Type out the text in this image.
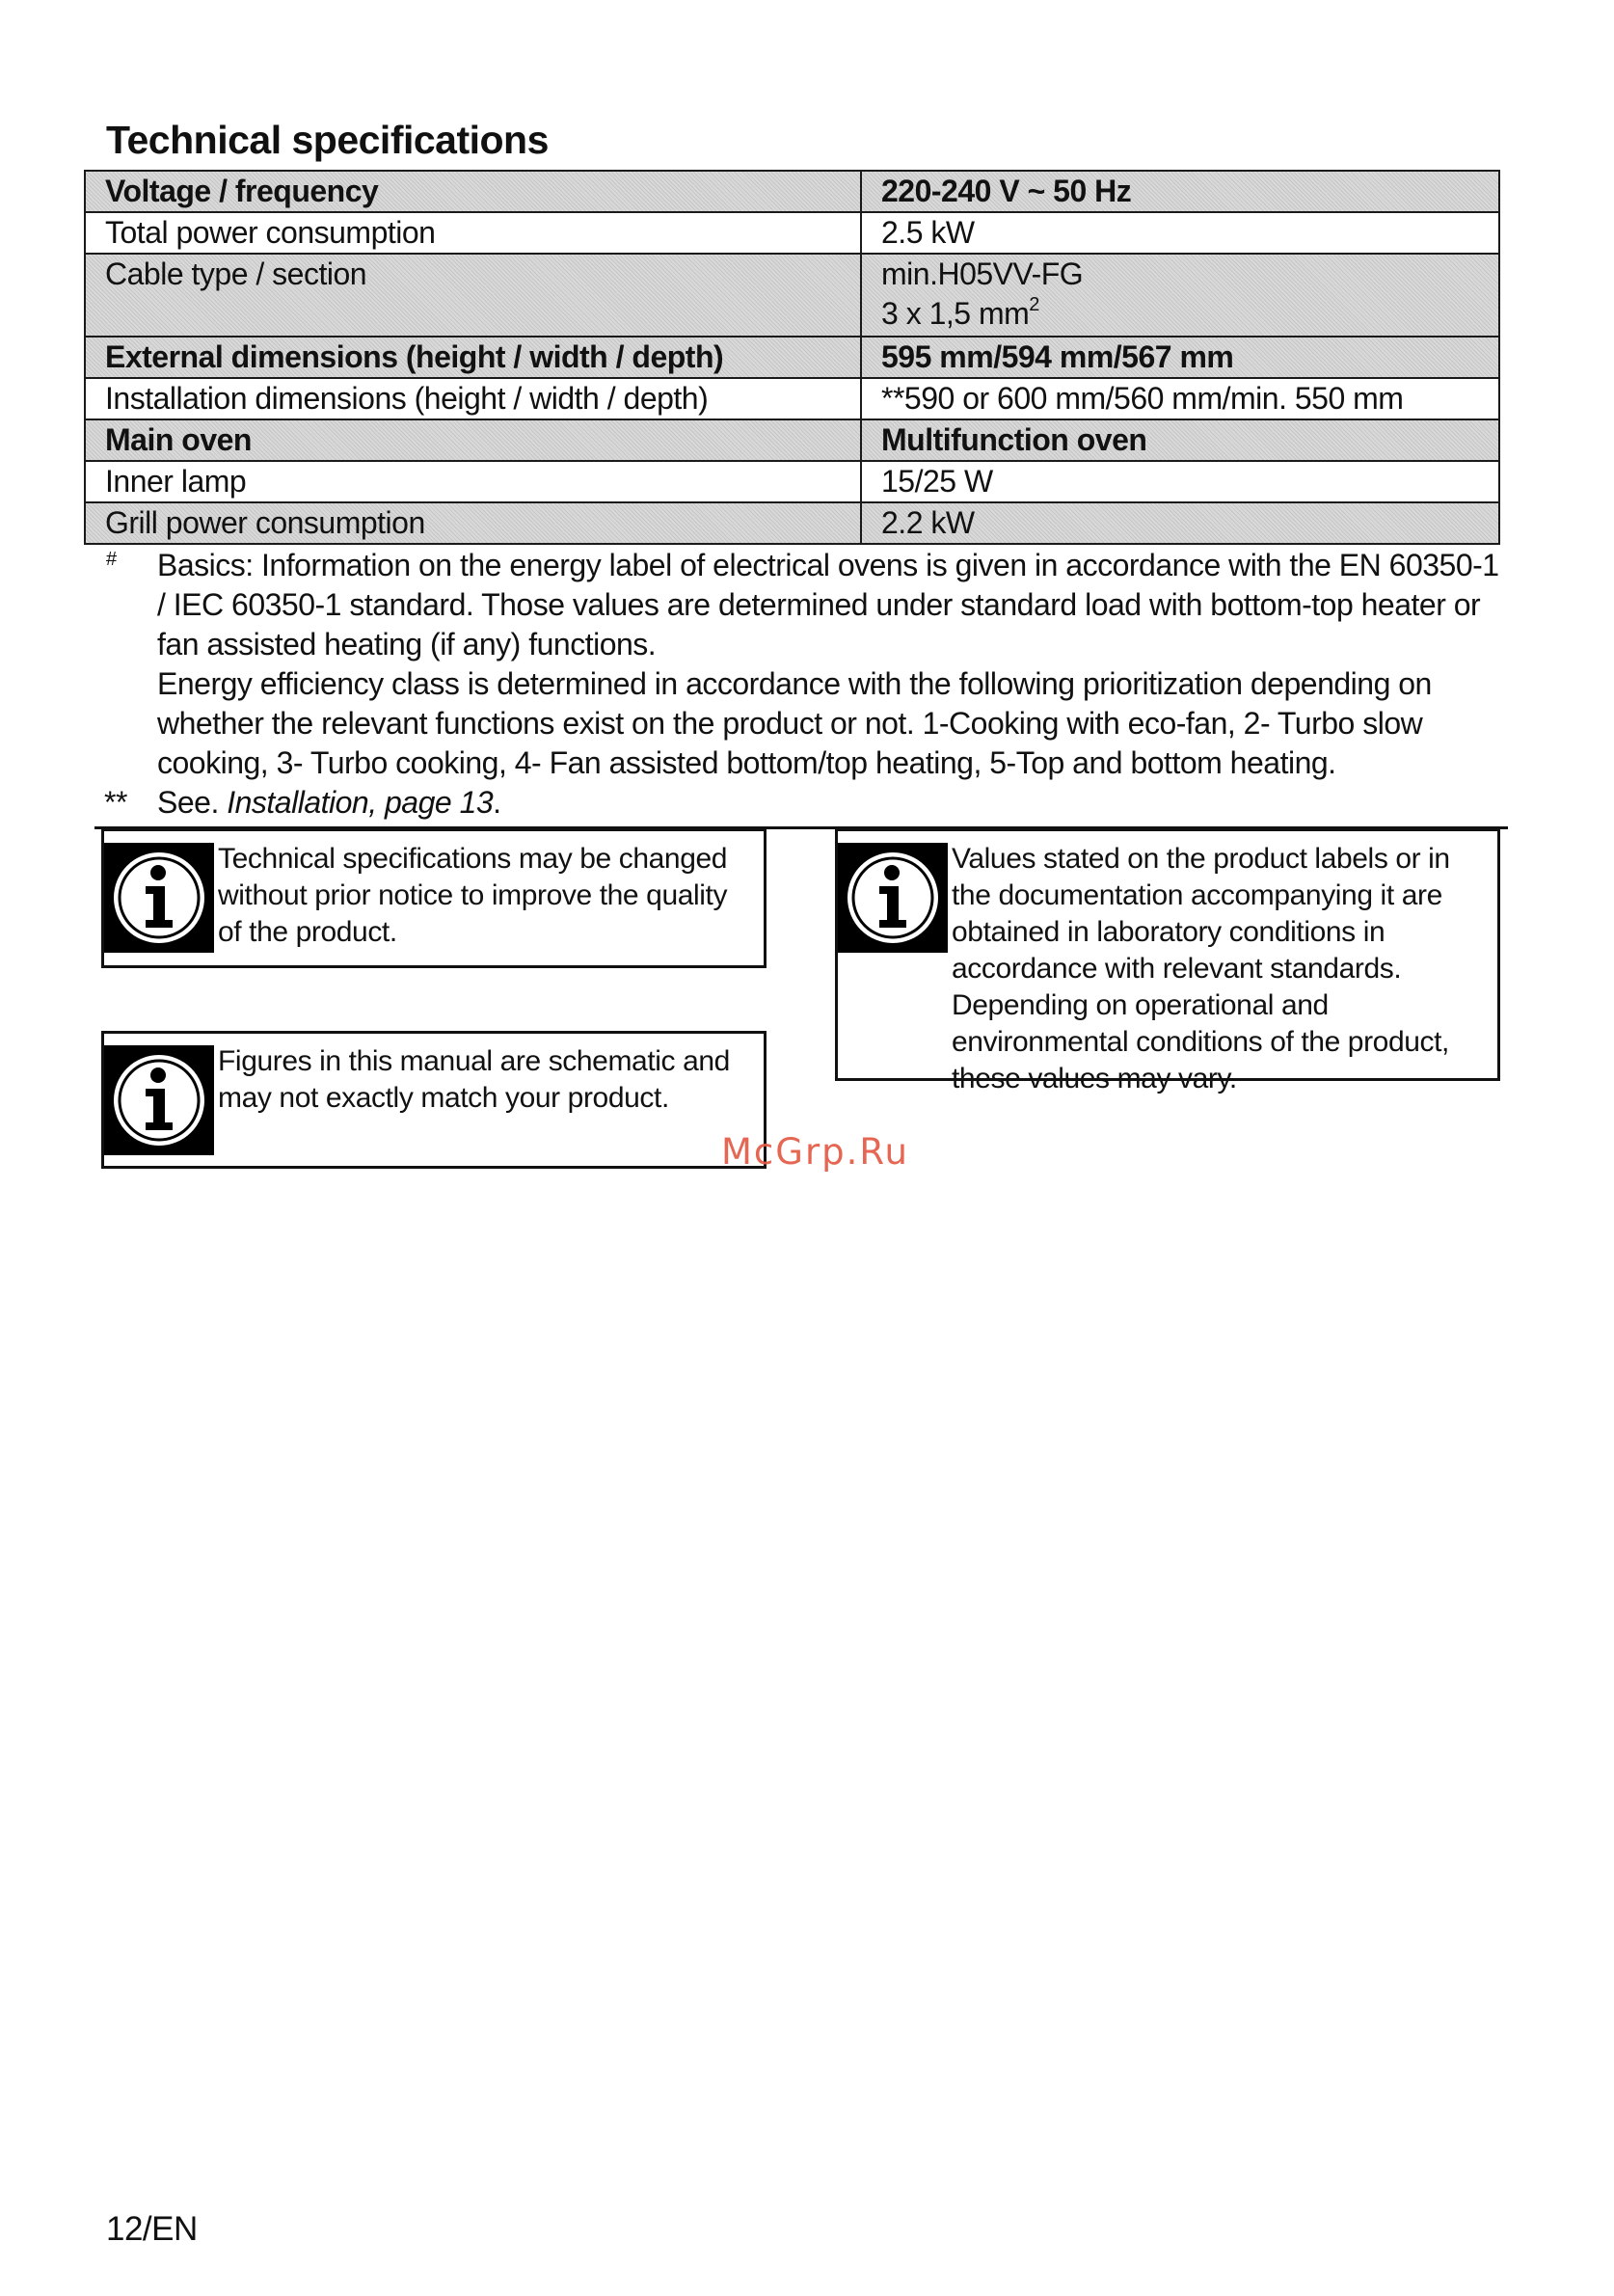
Technical specifications
Voltage / frequency	220-240 V ~ 50 Hz

Total power consumption	2.5 kW

Cable type / section	min.H05VV-FG
3 x 1,5 $mm^2$

External dimensions (height / width / depth)	595 mm/594 mm/567 mm

Installation dimensions (height / width / depth)	**590 or 600 mm/560 mm/min. 550 mm

Main oven	Multifunction oven

Inner lamp	15/25 W

Grill power consumption	2.2 kW
# Basics: Information on the energy label of electrical ovens is given in accordance with the EN 60350-1 / IEC 60350-1 standard. Those values are determined under standard load with bottom-top heater or fan assisted heating (if any) functions.

Energy efficiency class is determined in accordance with the following prioritization depending on whether the relevant functions exist on the product or not. 1-Cooking with eco-fan, 2- Turbo slow cooking, 3- Turbo cooking, 4- Fan assisted bottom/top heating, 5-Top and bottom heating.

** See. Installation, page 13.

Technical specifications may be changed without prior notice to improve the quality of the product.

Figures in this manual are schematic and may not exactly match your product.

Values stated on the product labels or in the documentation accompanying it are obtained in laboratory conditions in accordance with relevant standards. Depending on operational and environmental conditions of the product, these values may vary.

McGrp.Ru
12/EN
